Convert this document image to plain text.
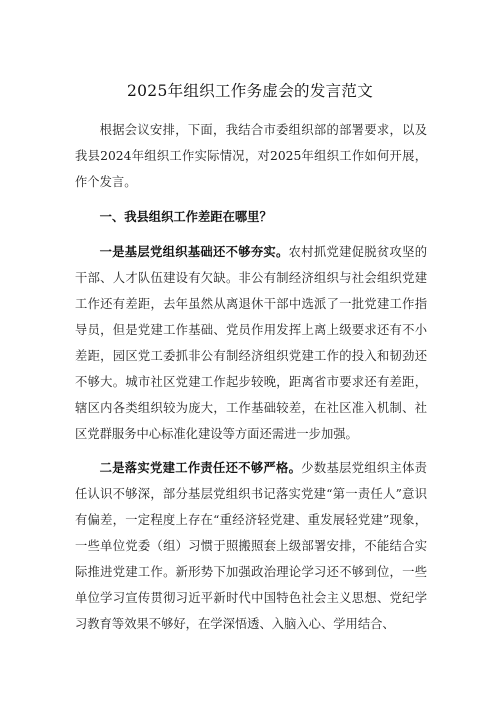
2025年组织工作务虚会的发言范文

根据会议安排，下面，我结合市委组织部的部署要求，以及我县2024年组织工作实际情况，对2025年组织工作如何开展，作个发言。

一、我县组织工作差距在哪里？

一是基层党组织基础还不够夯实。农村抓党建促脱贫攻坚的干部、人才队伍建设有欠缺。非公有制经济组织与社会组织党建工作还有差距，去年虽然从离退休干部中选派了一批党建工作指导员，但是党建工作基础、党员作用发挥上离上级要求还有不小差距，园区党工委抓非公有制经济组织党建工作的投入和韧劲还不够大。城市社区党建工作起步较晚，距离省市要求还有差距，辖区内各类组织较为庞大，工作基础较差，在社区准入机制、社区党群服务中心标准化建设等方面还需进一步加强。

二是落实党建工作责任还不够严格。少数基层党组织主体责任认识不够深，部分基层党组织书记落实党建“第一责任人”意识有偏差，一定程度上存在“重经济轻党建、重发展轻党建”现象，一些单位党委（组）习惯于照搬照套上级部署安排，不能结合实际推进党建工作。新形势下加强政治理论学习还不够到位，一些单位学习宣传贯彻习近平新时代中国特色社会主义思想、党纪学习教育等效果不够好，在学深悟透、入脑入心、学用结合、
